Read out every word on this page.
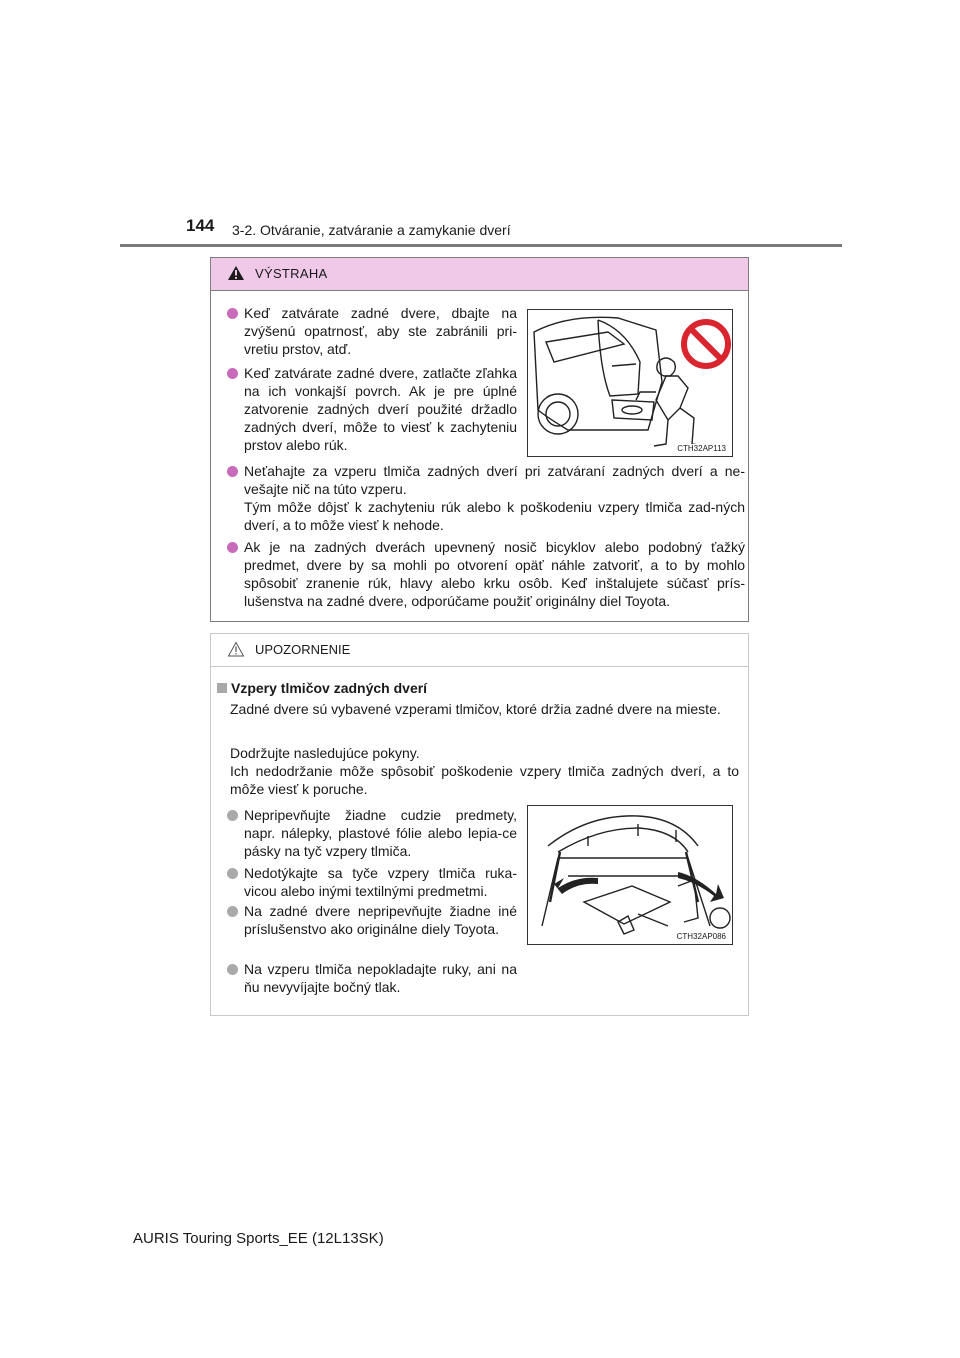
144 3-2. Otváranie, zatváranie a zamykanie dverí
VÝSTRAHA
Keď zatvárate zadné dvere, dbajte na zvýšenú opatrnosť, aby ste zabránili pri-vretiu prstov, atď.
Keď zatvárate zadné dvere, zatlačte zľahka na ich vonkajší povrch. Ak je pre úplné zatvorenie zadných dverí použité držadlo zadných dverí, môže to viesť k zachyteniu prstov alebo rúk.	CTH32AP113
Neťahajte za vzperu tlmiča zadných dverí pri zatváraní zadných dverí a ne-vešajte nič na túto vzperu.
Tým môže dôjsť k zachyteniu rúk alebo k poškodeniu vzpery tlmiča zad-ných dverí, a to môže viesť k nehode.
Ak je na zadných dverách upevnený nosič bicyklov alebo podobný ťažký predmet, dvere by sa mohli po otvorení opäť náhle zatvoriť, a to by mohlo spôsobiť zranenie rúk, hlavy alebo krku osôb. Keď inštalujete súčasť prís-lušenstva na zadné dvere, odporúčame použiť originálny diel Toyota.
UPOZORNENIE
Vzpery tlmičov zadných dverí
Zadné dvere sú vybavené vzperami tlmičov, ktoré držia zadné dvere na mieste.
Dodržujte nasledujúce pokyny.
Ich nedodržanie môže spôsobiť poškodenie vzpery tlmiča zadných dverí, a to môže viesť k poruche.
Nepripevňujte žiadne cudzie predmety, napr. nálepky, plastové fólie alebo lepia-ce pásky na tyč vzpery tlmiča.
Nedotýkajte sa tyče vzpery tlmiča ruka-vicou alebo inými textilnými predmetmi.
Na zadné dvere nepripevňujte žiadne iné príslušenstvo ako originálne diely Toyota.
Na vzperu tlmiča nepokladajte ruky, ani na ňu nevyvíjajte bočný tlak.
CTH32AP086
AURIS Touring Sports_EE (12L13SK)
